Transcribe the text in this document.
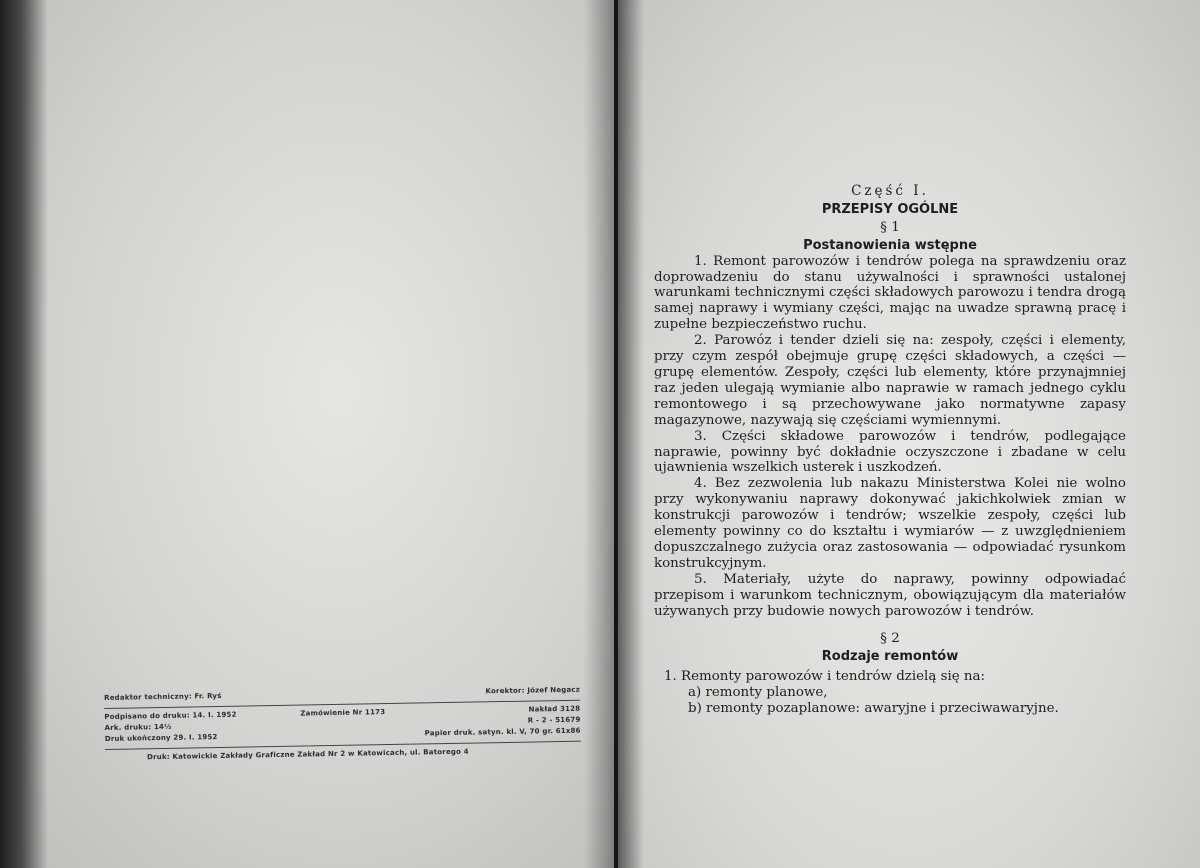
Redaktor techniczny: Fr. Ryś
Korektor: Józef Negacz
Podpisano do druku: 14. I. 1952	Zamówienie Nr 1173	Nakład 3128
Ark. druku: 14½
R - 2 - 51679
Druk ukończony 29. I. 1952
Papier druk. satyn. kl. V, 70 gr. 61x86
Druk: Katowickie Zakłady Graficzne Zakład Nr 2 w Katowicach, ul. Batorego 4
Część I.
PRZEPISY OGÓLNE
§ 1
Postanowienia wstępne

1. Remont parowozów i tendrów polega na sprawdzeniu oraz doprowadzeniu do stanu używalności i sprawności ustalonej warunkami technicznymi części składowych parowozu i tendra drogą samej naprawy i wymiany części, mając na uwadze sprawną pracę i zupełne bezpieczeństwo ruchu.

2. Parowóz i tender dzieli się na: zespoły, części i elementy, przy czym zespół obejmuje grupę części składowych, a części — grupę elementów. Zespoły, części lub elementy, które przynajmniej raz jeden ulegają wymianie albo naprawie w ramach jednego cyklu remontowego i są przechowywane jako normatywne zapasy magazynowe, nazywają się częściami wymiennymi.

3. Części składowe parowozów i tendrów, podlegające naprawie, powinny być dokładnie oczyszczone i zbadane w celu ujawnienia wszelkich usterek i uszkodzeń.

4. Bez zezwolenia lub nakazu Ministerstwa Kolei nie wolno przy wykonywaniu naprawy dokonywać jakichkolwiek zmian w konstrukcji parowozów i tendrów; wszelkie zespoły, części lub elementy powinny co do kształtu i wymiarów — z uwzględnieniem dopuszczalnego zużycia oraz zastosowania — odpowiadać rysunkom konstrukcyjnym.

5. Materiały, użyte do naprawy, powinny odpowiadać przepisom i warunkom technicznym, obowiązującym dla materiałów używanych przy budowie nowych parowozów i tendrów.

§ 2
Rodzaje remontów

1. Remonty parowozów i tendrów dzielą się na:

a) remonty planowe,

b) remonty pozaplanowe: awaryjne i przeciwawaryjne.
